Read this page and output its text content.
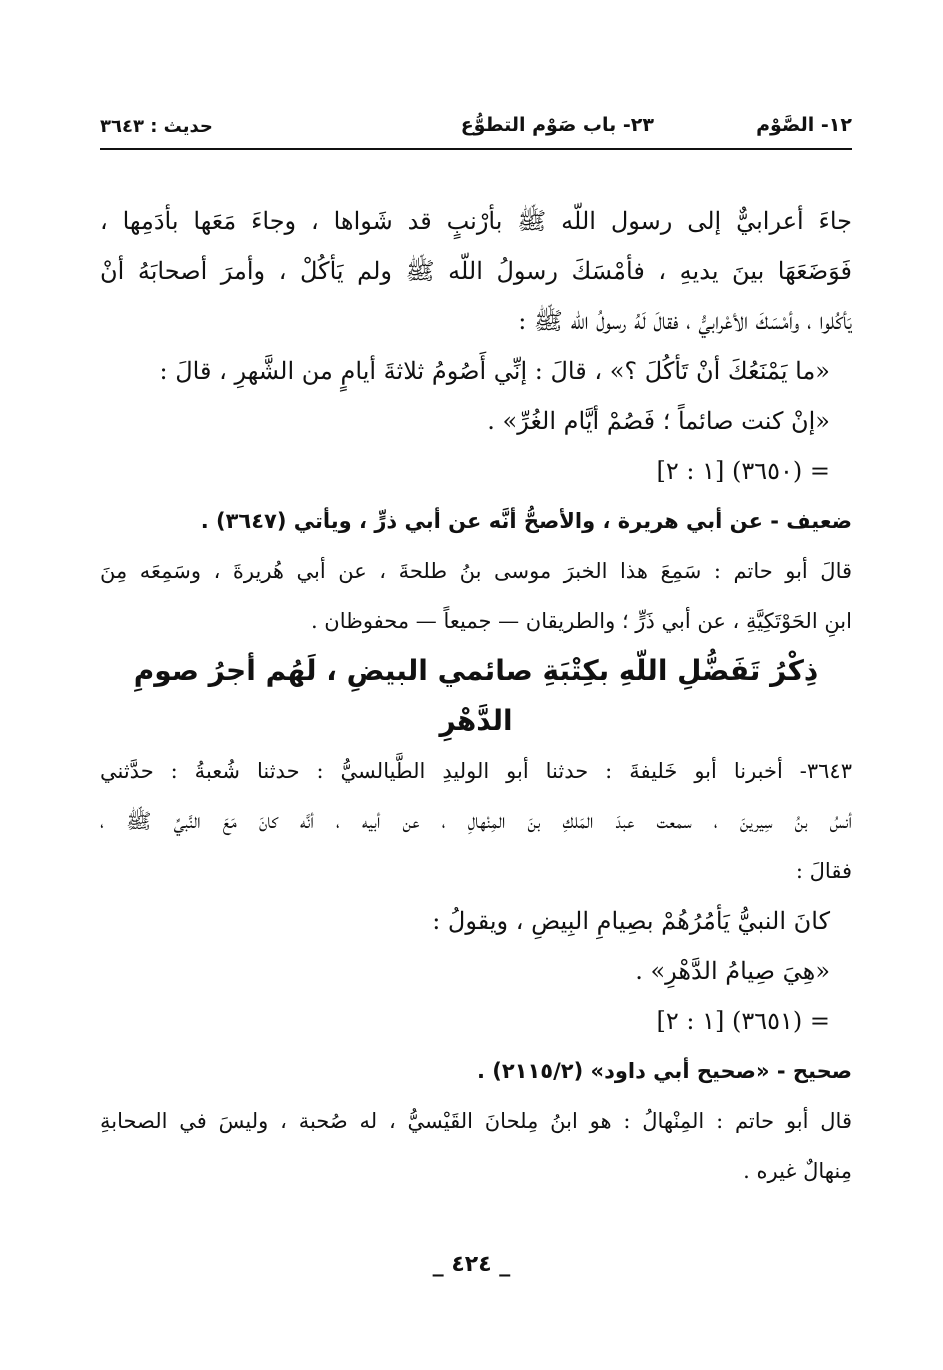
١٢- الصَّوْم
٢٣- باب صَوْم التطوُّع
حديث : ٣٦٤٣
جاءَ أعرابيٌّ إلى رسول اللّه ﷺ بأرْنبٍ قد شَواها ، وجاءَ مَعَها بأدَمِها ،
فَوَضَعَهَا بينَ يديهِ ، فأمْسَكَ رسولُ اللّه ﷺ ولم يَأكُلْ ، وأمرَ أصحابَهُ أنْ
يَأكُلوا ، وأمْسَكَ الأعْرابيُّ ، فقالَ لَهُ رسولُ اللّه ﷺ :
«ما يَمْنَعُكَ أنْ تَأكُلَ ؟» ، قالَ : إنِّي أَصُومُ ثلاثةَ أيامٍ من الشَّهرِ ، قالَ :
«إنْ كنت صائماً ؛ فَصُمْ أيَّام الغُرِّ» .
= (٣٦٥٠) [١ : ٢]
ضعيف - عن أبي هريرة ، والأصحُّ أنَّه عن أبي ذرٍّ ، ويأتي (٣٦٤٧) .
قالَ أبو حاتم : سَمِعَ هذا الخبرَ موسى بنُ طلحةَ ، عن أبي هُريرةَ ، وسَمِعَه مِنَ
ابنِ الحَوْتَكِيَّةِ ، عن أبي ذَرٍّ ؛ والطريقان — جميعاً — محفوظان .
ذِكْرُ تَفَضُّلِ اللّهِ بكِتْبَةِ صائمي البيضِ ، لَهُم أجرُ صومِ
الدَّهْرِ
٣٦٤٣- أخبرنا أبو خَليفةَ : حدثنا أبو الوليدِ الطَّيالسيُّ : حدثنا شُعبةُ : حدَّثني
أنسُ بنُ سِيرينَ ، سمعت عبدَ المَلكِ بنَ المِنْهالِ ، عن أبيه ، أنَّه كانَ مَعَ النَّبيِّ ﷺ ،
فقالَ :
كانَ النبيُّ يَأمُرُهُمْ بصِيامِ البِيضِ ، ويقولُ :
«هِيَ صِيامُ الدَّهْرِ» .
= (٣٦٥١) [١ : ٢]
صحيح - «صحيح أبي داود» (٢١١٥/٢) .
قال أبو حاتم : المِنْهالُ : هو ابنُ مِلحانَ القَيْسيُّ ، له صُحبة ، وليسَ في الصحابةِ
مِنهالٌ غيره .
_ ٤٢٤ _
